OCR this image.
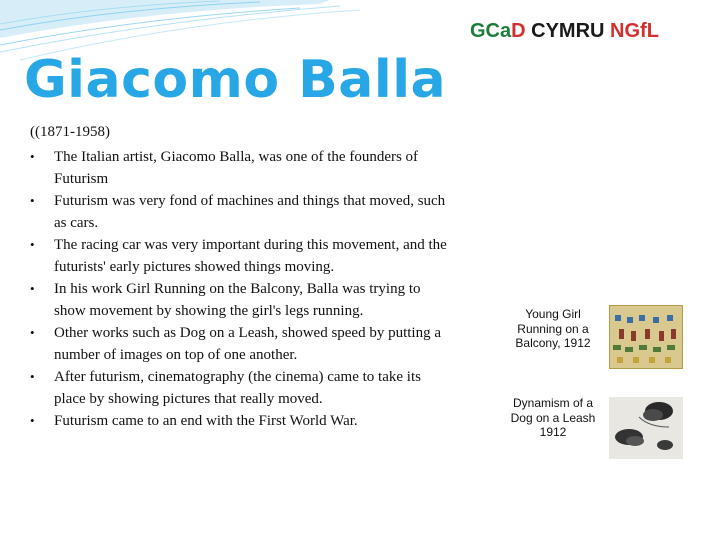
GCaD CYMRU NGfL
Giacomo Balla
((1871-1958)
• The Italian artist, Giacomo Balla, was one of the founders of Futurism
• Futurism was very fond of machines and things that moved, such as cars.
• The racing car was very important during this movement, and the futurists' early pictures showed things moving.
• In his work Girl Running on the Balcony, Balla was trying to show movement by showing the girl's legs running.
• Other works such as Dog on a Leash, showed speed by putting a number of images on top of one another.
• After futurism, cinematography (the cinema) came to take its place by showing pictures that really moved.
• Futurism came to an end with the First World War.
Young Girl Running on a Balcony, 1912
Dynamism of a Dog on a Leash 1912
